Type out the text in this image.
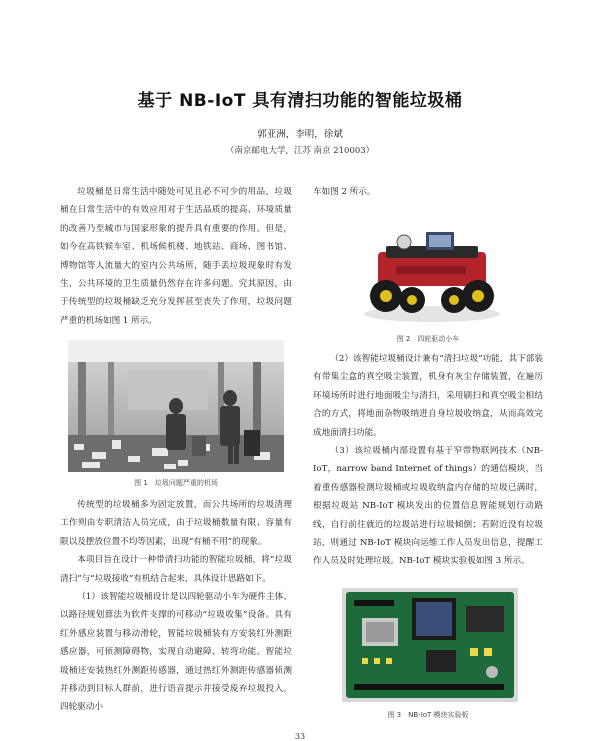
基于 NB-IoT 具有清扫功能的智能垃圾桶
郭亚洲，李明，徐斌
（南京邮电大学，江苏 南京 210003）

垃圾桶是日常生活中随处可见且必不可少的用品，垃圾桶在日常生活中的有效应用对于生活品质的提高、环境质量的改善乃至城市与国家形象的提升具有重要的作用。但是，如今在高铁候车室、机场候机楼、地铁站、商场、图书馆、博物馆等人流量大的室内公共场所，随手丢垃圾现象时有发生，公共环境的卫生质量仍然存在许多问题。究其原因，由于传统型的垃圾桶缺乏充分发挥甚至丧失了作用，垃圾问题严重的机场如图 1 所示。

图 1　垃圾问题严重的机场

传统型的垃圾桶多为固定放置，而公共场所的垃圾清理工作则由专职清洁人员完成，由于垃圾桶数量有限、容量有限以及摆放位置不均等因素，出现“有桶不用”的现象。

本项目旨在设计一种带清扫功能的智能垃圾桶，将“垃圾清扫”与“垃圾接收”有机结合起来，具体设计思路如下。

（1）该智能垃圾桶设计是以四轮驱动小车为硬件主体、以路径规划算法为软件支撑的可移动“垃圾收集”设备。具有红外感应装置与移动滑轮，智能垃圾桶装有方安装红外测距感应器，可侦测障碍物，实现自动避障、转弯功能。智能垃圾桶还安装热红外测距传感器，通过热红外测距传感器侦测并移动到目标人群前，进行语音提示并接受废弃垃圾投入。四轮驱动小

车如图 2 所示。

图 2　四轮驱动小车

（2）该智能垃圾桶设计兼有“清扫垃圾”功能，其下部装有带集尘盒的真空吸尘装置，机身有灰尘存储装置，在遍历环境场所时进行地面吸尘与清扫，采用刷扫和真空吸尘相结合的方式，将地面杂物吸纳进自身垃圾收纳盒，从而高效完成地面清扫功能。

（3）该垃圾桶内部设置有基于窄带物联网技术（NB-IoT，narrow band Internet of things）的通信模块，当着重传感器检测垃圾桶或垃圾收纳盒内存储的垃圾已满时，根据垃圾站 NB-IoT 模块发出的位置信息智能规划行动路线，自行前往就近的垃圾站进行垃圾倾倒；若附近没有垃圾站，则通过 NB-IoT 模块向运维工作人员发出信息，提醒工作人员及时处理垃圾。NB-IoT 模块实验板如图 3 所示。

图 3　NB-IoT 模块实验板
33
